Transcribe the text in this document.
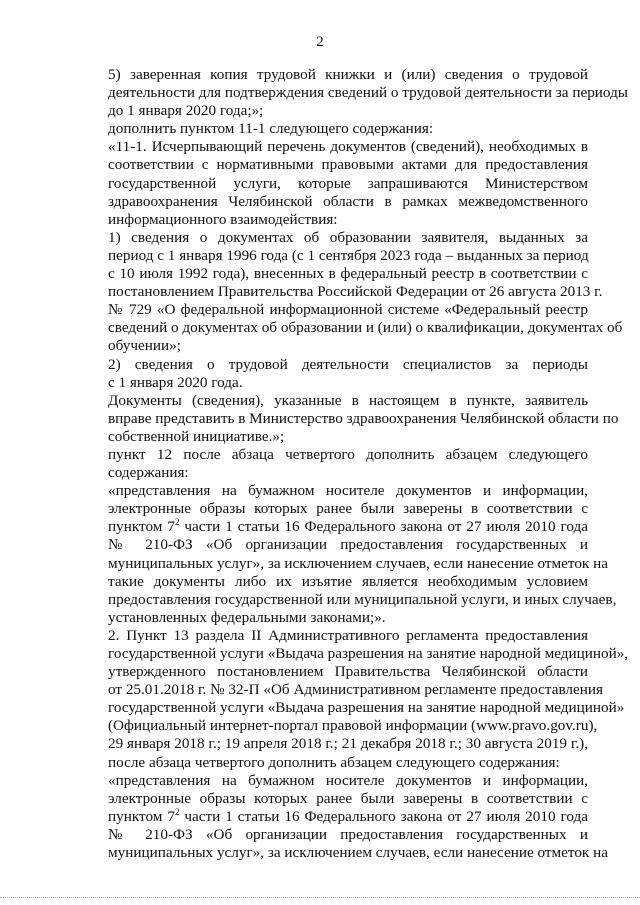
2

5) заверенная копия трудовой книжки и (или) сведения о трудовой
деятельности для подтверждения сведений о трудовой деятельности за периоды
до 1 января 2020 года;»;

дополнить пунктом 11-1 следующего содержания:

«11-1. Исчерпывающий перечень документов (сведений), необходимых в
соответствии с нормативными правовыми актами для предоставления
государственной услуги, которые запрашиваются Министерством
здравоохранения Челябинской области в рамках межведомственного
информационного взаимодействия:

1) сведения о документах об образовании заявителя, выданных за
период с 1 января 1996 года (с 1 сентября 2023 года – выданных за период
с 10 июля 1992 года), внесенных в федеральный реестр в соответствии с
постановлением Правительства Российской Федерации от 26 августа 2013 г.
№ 729 «О федеральной информационной системе «Федеральный реестр
сведений о документах об образовании и (или) о квалификации, документах об
обучении»;

2) сведения о трудовой деятельности специалистов за периоды
с 1 января 2020 года.

Документы (сведения), указанные в настоящем в пункте, заявитель
вправе представить в Министерство здравоохранения Челябинской области по
собственной инициативе.»;

пункт 12 после абзаца четвертого дополнить абзацем следующего
содержания:

«представления на бумажном носителе документов и информации,
электронные образы которых ранее были заверены в соответствии с
пунктом $7^2$ части 1 статьи 16 Федерального закона от 27 июля 2010 года
№ 210-ФЗ «Об организации предоставления государственных и
муниципальных услуг», за исключением случаев, если нанесение отметок на
такие документы либо их изъятие является необходимым условием
предоставления государственной или муниципальной услуги, и иных случаев,
установленных федеральными законами;».

2. Пункт 13 раздела II Административного регламента предоставления
государственной услуги «Выдача разрешения на занятие народной медициной»,
утвержденного постановлением Правительства Челябинской области
от 25.01.2018 г. № 32-П «Об Административном регламенте предоставления
государственной услуги «Выдача разрешения на занятие народной медициной»
(Официальный интернет-портал правовой информации (www.pravo.gov.ru),
29 января 2018 г.; 19 апреля 2018 г.; 21 декабря 2018 г.; 30 августа 2019 г.),
после абзаца четвертого дополнить абзацем следующего содержания:

«представления на бумажном носителе документов и информации,
электронные образы которых ранее были заверены в соответствии с
пунктом $7^2$ части 1 статьи 16 Федерального закона от 27 июля 2010 года
№ 210-ФЗ «Об организации предоставления государственных и
муниципальных услуг», за исключением случаев, если нанесение отметок на
